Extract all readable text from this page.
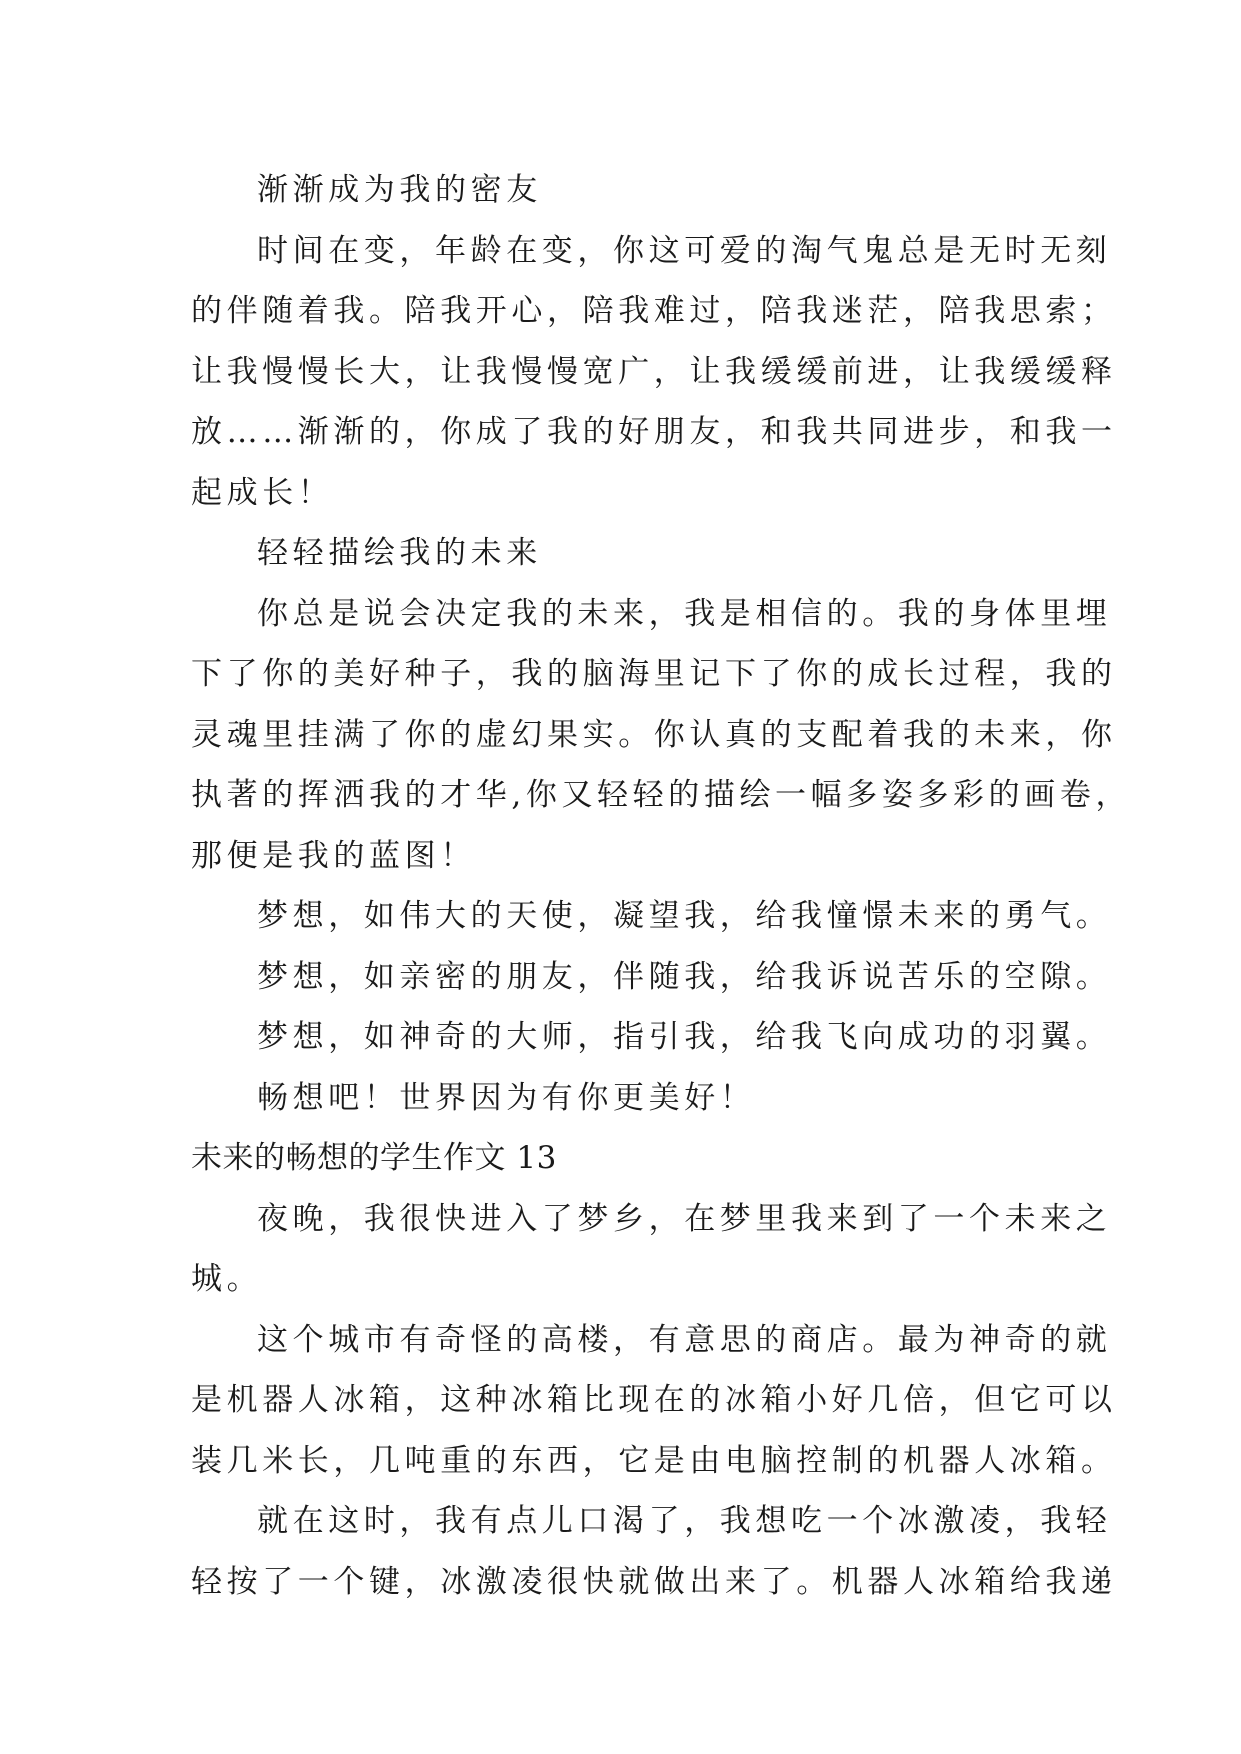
渐渐成为我的密友
时间在变，年龄在变，你这可爱的淘气鬼总是无时无刻
的伴随着我。陪我开心，陪我难过，陪我迷茫，陪我思索；
让我慢慢长大，让我慢慢宽广，让我缓缓前进，让我缓缓释
放……渐渐的，你成了我的好朋友，和我共同进步，和我一
起成长！
轻轻描绘我的未来
你总是说会决定我的未来，我是相信的。我的身体里埋
下了你的美好种子，我的脑海里记下了你的成长过程，我的
灵魂里挂满了你的虚幻果实。你认真的支配着我的未来，你
执著的挥洒我的才华,你又轻轻的描绘一幅多姿多彩的画卷，
那便是我的蓝图！
梦想，如伟大的天使，凝望我，给我憧憬未来的勇气。
梦想，如亲密的朋友，伴随我，给我诉说苦乐的空隙。
梦想，如神奇的大师，指引我，给我飞向成功的羽翼。
畅想吧！世界因为有你更美好！
未来的畅想的学生作文 13
夜晚，我很快进入了梦乡，在梦里我来到了一个未来之
城。
这个城市有奇怪的高楼，有意思的商店。最为神奇的就
是机器人冰箱，这种冰箱比现在的冰箱小好几倍，但它可以
装几米长，几吨重的东西，它是由电脑控制的机器人冰箱。
就在这时，我有点儿口渴了，我想吃一个冰激凌，我轻
轻按了一个键，冰激凌很快就做出来了。机器人冰箱给我递
